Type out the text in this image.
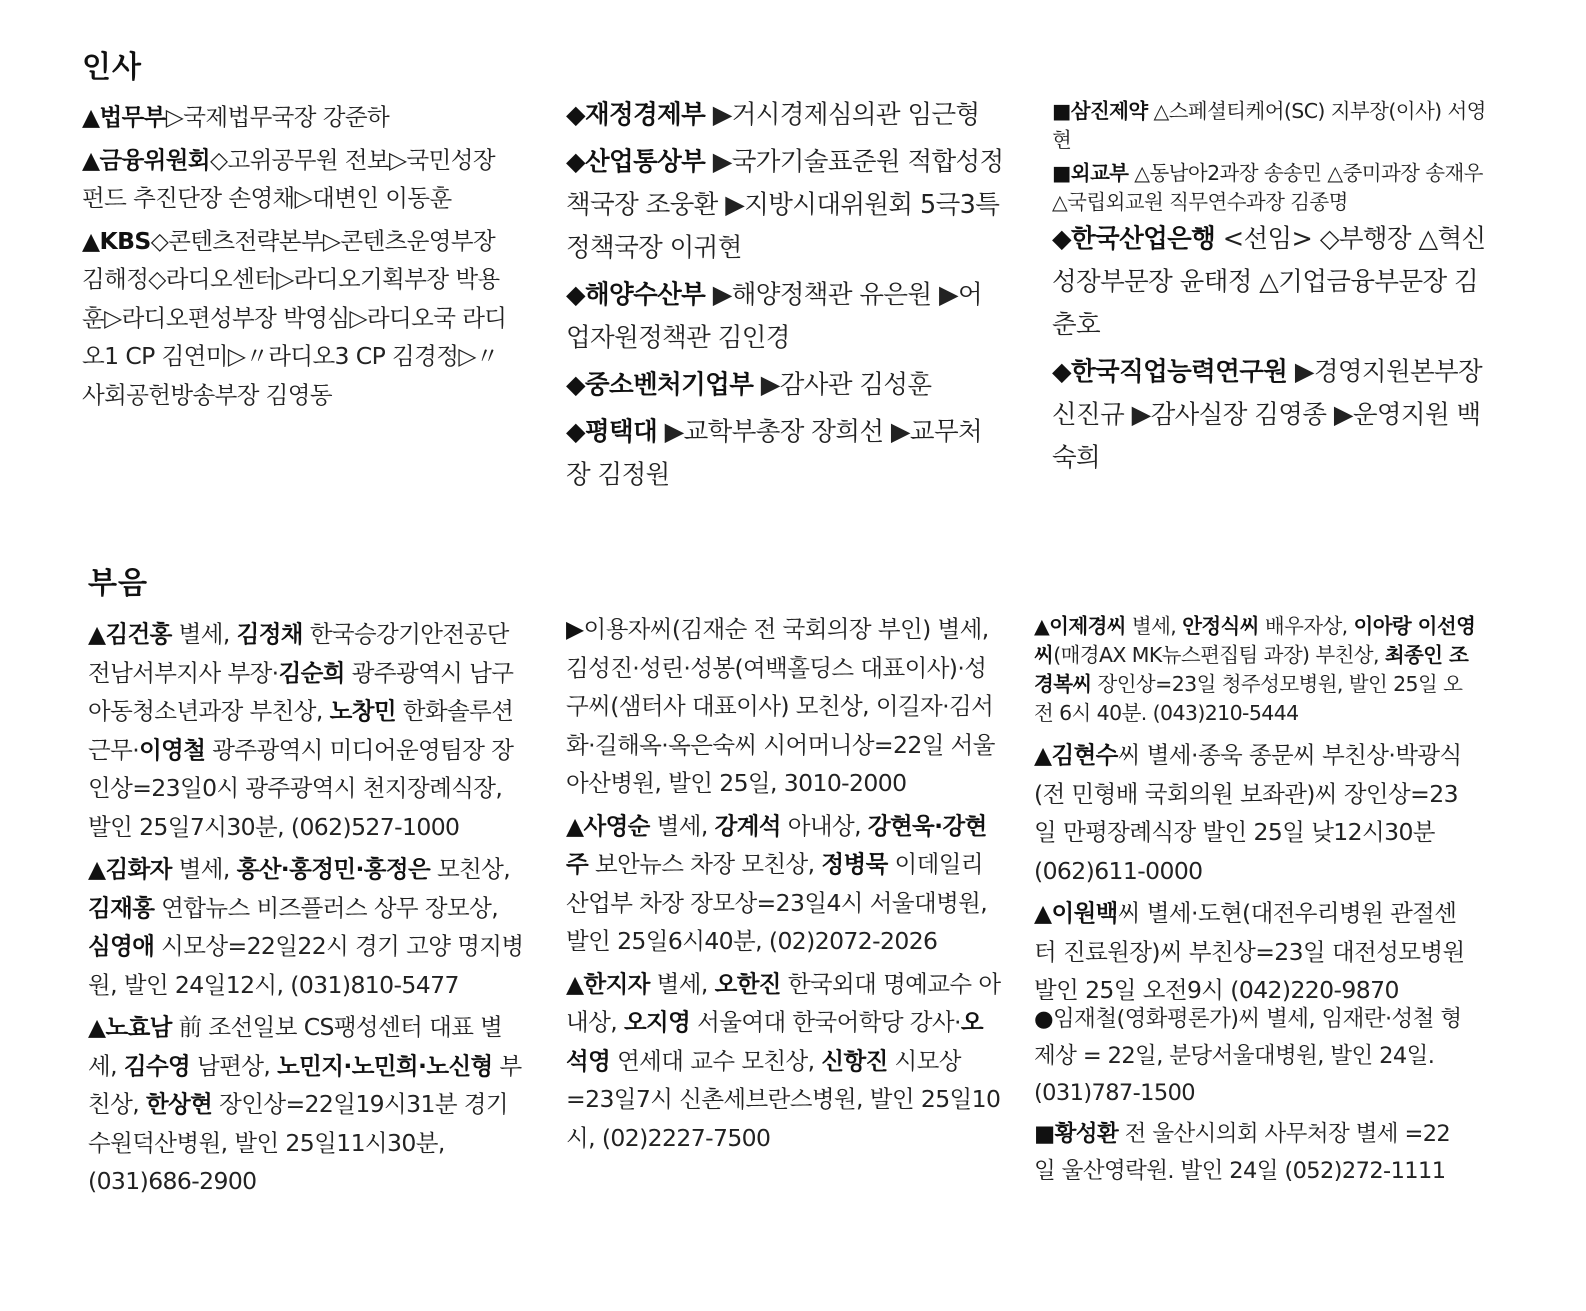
인사

▲법무부▷국제법무국장 강준하

▲금융위원회◇고위공무원 전보▷국민성장펀드 추진단장 손영채▷대변인 이동훈

▲KBS◇콘텐츠전략본부▷콘텐츠운영부장 김해정◇라디오센터▷라디오기획부장 박용훈▷라디오편성부장 박영심▷라디오국 라디오1 CP 김연미▷〃라디오3 CP 김경정▷〃사회공헌방송부장 김영동

◆재정경제부 ▶거시경제심의관 임근형

◆산업통상부 ▶국가기술표준원 적합성정책국장 조웅환 ▶지방시대위원회 5극3특정책국장 이귀현

◆해양수산부 ▶해양정책관 유은원 ▶어업자원정책관 김인경

◆중소벤처기업부 ▶감사관 김성훈

◆평택대 ▶교학부총장 장희선 ▶교무처장 김정원

■삼진제약 △스페셜티케어(SC) 지부장(이사) 서영현

■외교부 △동남아2과장 송송민 △중미과장 송재우 △국립외교원 직무연수과장 김종명

◆한국산업은행 <선임> ◇부행장 △혁신성장부문장 윤태정 △기업금융부문장 김춘호

◆한국직업능력연구원 ▶경영지원본부장 신진규 ▶감사실장 김영종 ▶운영지원 백숙희

부음

▲김건홍 별세, 김정채 한국승강기안전공단 전남서부지사 부장·김순희 광주광역시 남구 아동청소년과장 부친상, 노창민 한화솔루션 근무·이영철 광주광역시 미디어운영팀장 장인상=23일0시 광주광역시 천지장례식장, 발인 25일7시30분, (062)527-1000

▲김화자 별세, 홍산·홍정민·홍정은 모친상, 김재홍 연합뉴스 비즈플러스 상무 장모상, 심영애 시모상=22일22시 경기 고양 명지병원, 발인 24일12시, (031)810-5477

▲노효남 前 조선일보 CS팽성센터 대표 별세, 김수영 남편상, 노민지·노민희·노신형 부친상, 한상현 장인상=22일19시31분 경기 수원덕산병원, 발인 25일11시30분, (031)686-2900

▶이용자씨(김재순 전 국회의장 부인) 별세, 김성진·성린·성봉(여백홀딩스 대표이사)·성구씨(샘터사 대표이사) 모친상, 이길자·김서화·길해옥·옥은숙씨 시어머니상=22일 서울아산병원, 발인 25일, 3010-2000

▲사영순 별세, 강계석 아내상, 강현욱·강현주 보안뉴스 차장 모친상, 정병묵 이데일리 산업부 차장 장모상=23일4시 서울대병원, 발인 25일6시40분, (02)2072-2026

▲한지자 별세, 오한진 한국외대 명예교수 아내상, 오지영 서울여대 한국어학당 강사·오석영 연세대 교수 모친상, 신항진 시모상=23일7시 신촌세브란스병원, 발인 25일10시, (02)2227-7500

▲이제경씨 별세, 안정식씨 배우자상, 이아랑 이선영씨(매경AX MK뉴스편집팀 과장) 부친상, 최종인 조경복씨 장인상=23일 청주성모병원, 발인 25일 오전 6시 40분. (043)210-5444

▲김현수씨 별세·종욱 종문씨 부친상·박광식(전 민형배 국회의원 보좌관)씨 장인상=23일 만평장례식장 발인 25일 낮12시30분 (062)611-0000

▲이원백씨 별세·도현(대전우리병원 관절센터 진료원장)씨 부친상=23일 대전성모병원 발인 25일 오전9시 (042)220-9870

●임재철(영화평론가)씨 별세, 임재란·성철 형제상 = 22일, 분당서울대병원, 발인 24일. (031)787-1500

■황성환 전 울산시의회 사무처장 별세 =22일 울산영락원. 발인 24일 (052)272-1111
